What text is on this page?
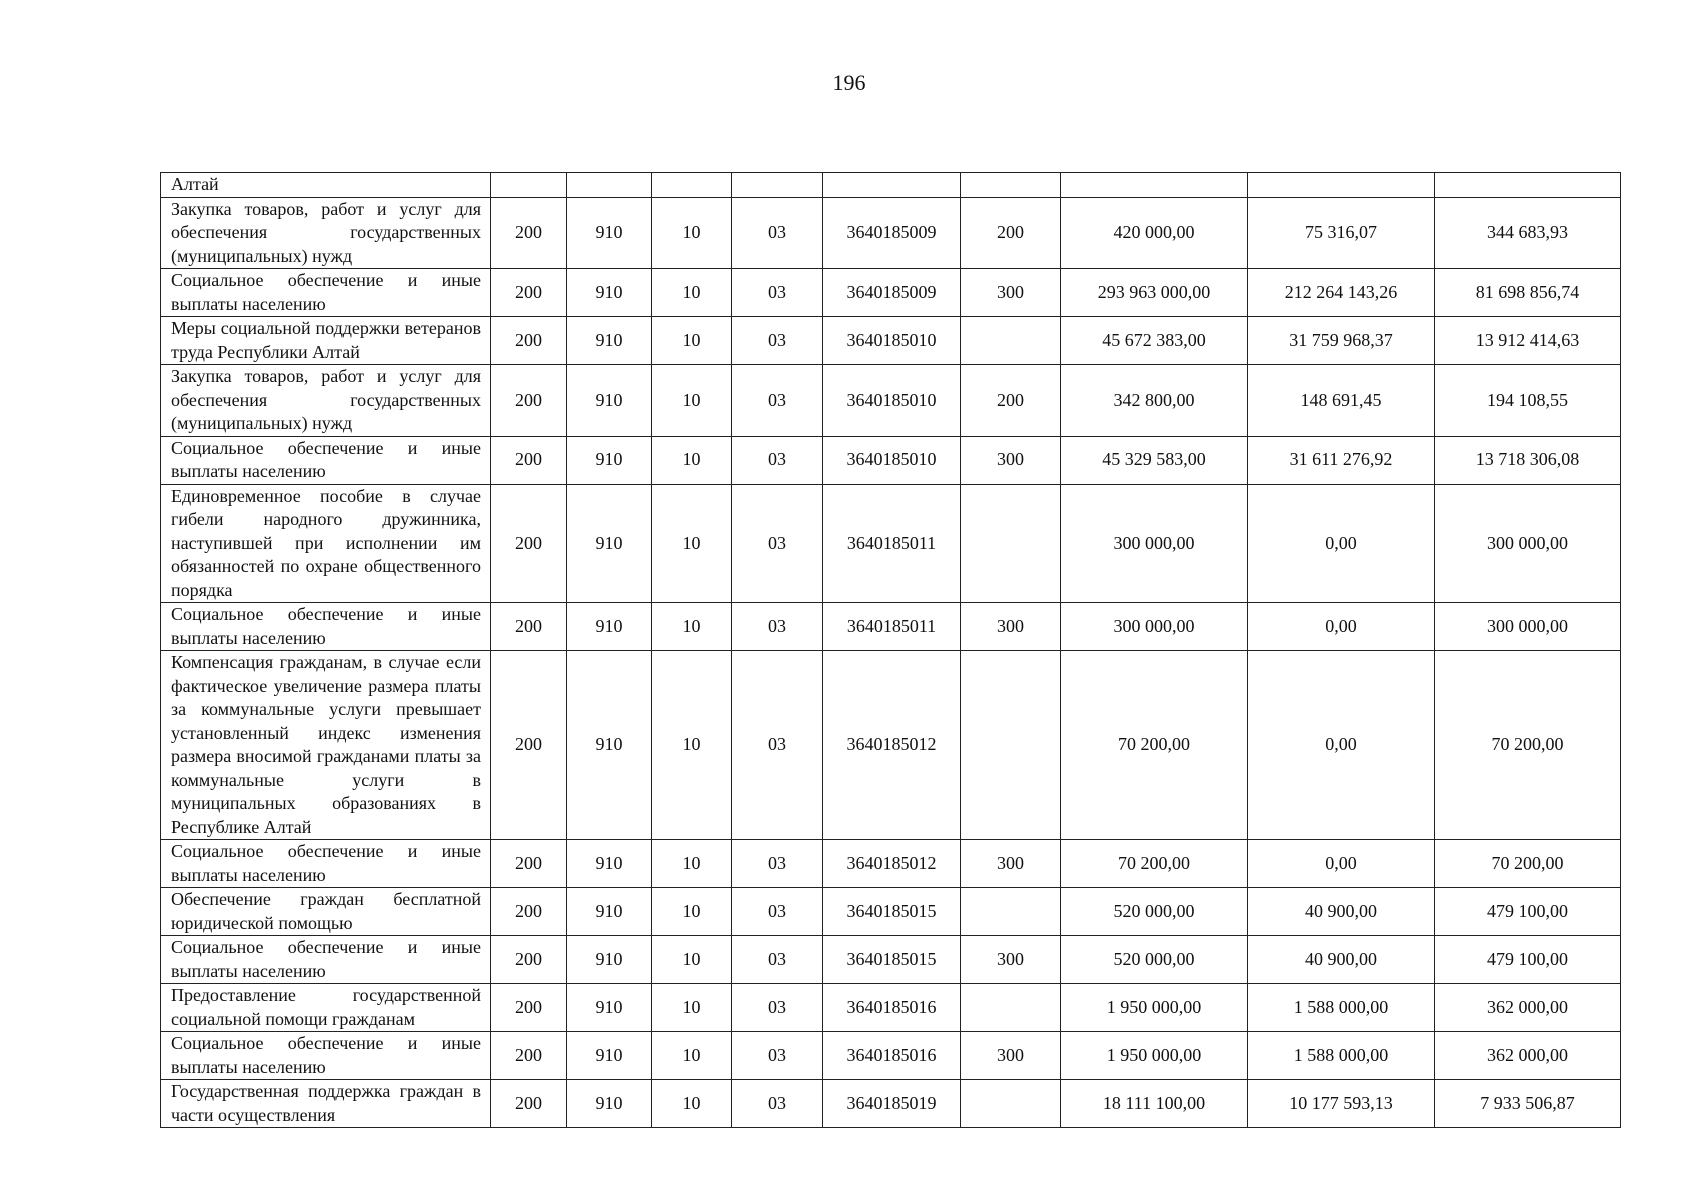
196
Алтай									
Закупка товаров, работ и услуг для обеспечения государственных (муниципальных) нужд	200	910	10	03	3640185009	200	420 000,00	75 316,07	344 683,93
Социальное обеспечение и иные выплаты населению	200	910	10	03	3640185009	300	293 963 000,00	212 264 143,26	81 698 856,74
Меры социальной поддержки ветеранов труда Республики Алтай	200	910	10	03	3640185010		45 672 383,00	31 759 968,37	13 912 414,63
Закупка товаров, работ и услуг для обеспечения государственных (муниципальных) нужд	200	910	10	03	3640185010	200	342 800,00	148 691,45	194 108,55
Социальное обеспечение и иные выплаты населению	200	910	10	03	3640185010	300	45 329 583,00	31 611 276,92	13 718 306,08
Единовременное пособие в случае гибели народного дружинника, наступившей при исполнении им обязанностей по охране общественного порядка	200	910	10	03	3640185011		300 000,00	0,00	300 000,00
Социальное обеспечение и иные выплаты населению	200	910	10	03	3640185011	300	300 000,00	0,00	300 000,00
Компенсация гражданам, в случае если фактическое увеличение размера платы за коммунальные услуги превышает установленный индекс изменения размера вносимой гражданами платы за коммунальные услуги в муниципальных образованиях в Республике Алтай	200	910	10	03	3640185012		70 200,00	0,00	70 200,00
Социальное обеспечение и иные выплаты населению	200	910	10	03	3640185012	300	70 200,00	0,00	70 200,00
Обеспечение граждан бесплатной юридической помощью	200	910	10	03	3640185015		520 000,00	40 900,00	479 100,00
Социальное обеспечение и иные выплаты населению	200	910	10	03	3640185015	300	520 000,00	40 900,00	479 100,00
Предоставление государственной социальной помощи гражданам	200	910	10	03	3640185016		1 950 000,00	1 588 000,00	362 000,00
Социальное обеспечение и иные выплаты населению	200	910	10	03	3640185016	300	1 950 000,00	1 588 000,00	362 000,00
Государственная поддержка граждан в части осуществления	200	910	10	03	3640185019		18 111 100,00	10 177 593,13	7 933 506,87
